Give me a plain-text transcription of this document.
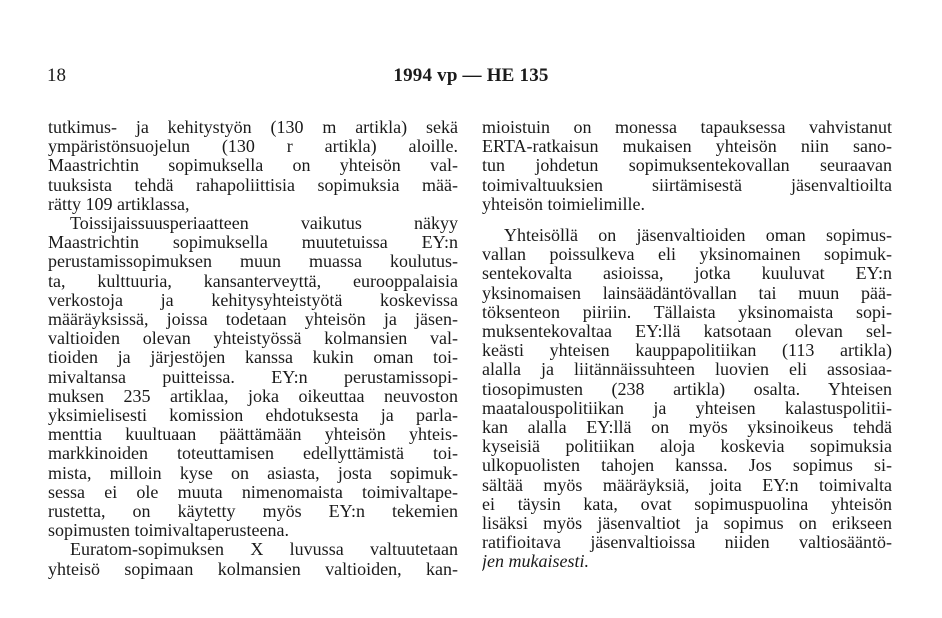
18	1994 vp — HE 135

tutkimus- ja kehitystyön (130 m artikla) sekä
ympäristönsuojelun (130 r artikla) aloille.
Maastrichtin sopimuksella on yhteisön val-
tuuksista tehdä rahapoliittisia sopimuksia mää-
rätty 109 artiklassa,

Toissijaissuusperiaatteen vaikutus näkyy
Maastrichtin sopimuksella muutetuissa EY:n
perustamissopimuksen muun muassa koulutus-
ta, kulttuuria, kansanterveyttä, eurooppalaisia
verkostoja ja kehitysyhteistyötä koskevissa
määräyksissä, joissa todetaan yhteisön ja jäsen-
valtioiden olevan yhteistyössä kolmansien val-
tioiden ja järjestöjen kanssa kukin oman toi-
mivaltansa puitteissa. EY:n perustamissopi-
muksen 235 artiklaa, joka oikeuttaa neuvoston
yksimielisesti komission ehdotuksesta ja parla-
menttia kuultuaan päättämään yhteisön yhteis-
markkinoiden toteuttamisen edellyttämistä toi-
mista, milloin kyse on asiasta, josta sopimuk-
sessa ei ole muuta nimenomaista toimivaltape-
rustetta, on käytetty myös EY:n tekemien
sopimusten toimivaltaperusteena.

Euratom-sopimuksen X luvussa valtuutetaan
yhteisö sopimaan kolmansien valtioiden, kan-

mioistuin on monessa tapauksessa vahvistanut
ERTA-ratkaisun mukaisen yhteisön niin sano-
tun johdetun sopimuksentekovallan seuraavan
toimivaltuuksien siirtämisestä jäsenvaltioilta
yhteisön toimielimille.

Yhteisöllä on jäsenvaltioiden oman sopimus-
vallan poissulkeva eli yksinomainen sopimuk-
sentekovalta asioissa, jotka kuuluvat EY:n
yksinomaisen lainsäädäntövallan tai muun pää-
töksenteon piiriin. Tällaista yksinomaista sopi-
muksentekovaltaa EY:llä katsotaan olevan sel-
keästi yhteisen kauppapolitiikan (113 artikla)
alalla ja liitännäissuhteen luovien eli assosiaa-
tiosopimusten (238 artikla) osalta. Yhteisen
maatalouspolitiikan ja yhteisen kalastuspolitii-
kan alalla EY:llä on myös yksinoikeus tehdä
kyseisiä politiikan aloja koskevia sopimuksia
ulkopuolisten tahojen kanssa. Jos sopimus si-
sältää myös määräyksiä, joita EY:n toimivalta
ei täysin kata, ovat sopimuspuolina yhteisön
lisäksi myös jäsenvaltiot ja sopimus on erikseen
ratifioitava jäsenvaltioissa niiden valtiosääntö-
jen mukaisesti.
